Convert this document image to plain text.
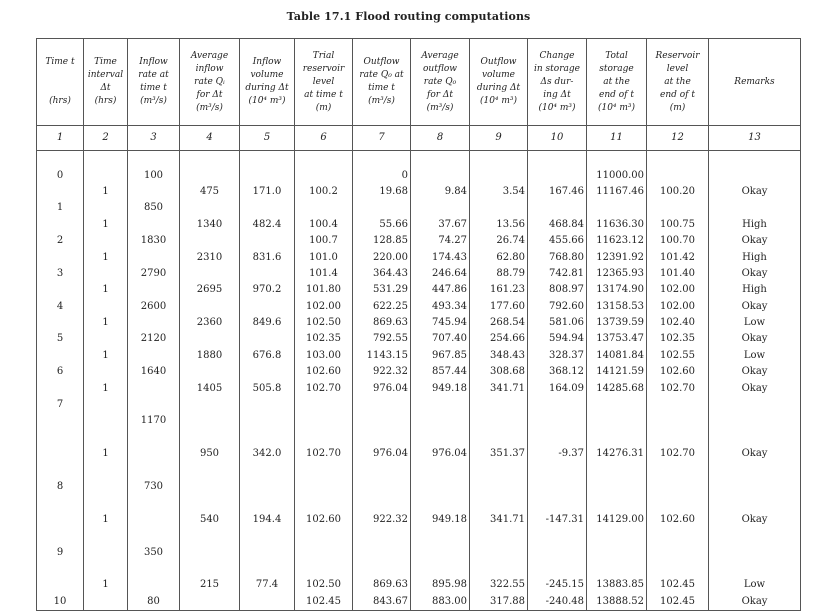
Table 17.1 Flood routing computations
Time t

(hrs)	Time
interval
Δt
(hrs)	Inflow
rate at
time t
(m³/s)	Average
inflow
rate Qᵢ
for Δt
(m³/s)	Inflow
volume
during Δt
(10⁴ m³)	Trial
reservoir
level
at time t
(m)	Outflow
rate Q₀ at
time t
(m³/s)	Average
outflow
rate Q₀
for Δt
(m³/s)	Outflow
volume
during Δt
(10⁴ m³)	Change
in storage
Δs dur-
ing Δt
(10⁴ m³)	Total
storage
at the
end of t
(10⁴ m³)	Reservoir
level
at the
end of t
(m)	Remarks

1	2	3	4	5	6	7	8	9	10	11	12	13

0		100				0				11000.00		
	1		475	171.0	100.2	19.68	9.84	3.54	167.46	11167.46	100.20	Okay
1		850										
	1		1340	482.4	100.4	55.66	37.67	13.56	468.84	11636.30	100.75	High
2		1830			100.7	128.85	74.27	26.74	455.66	11623.12	100.70	Okay
	1		2310	831.6	101.0	220.00	174.43	62.80	768.80	12391.92	101.42	High
3		2790			101.4	364.43	246.64	88.79	742.81	12365.93	101.40	Okay
	1		2695	970.2	101.80	531.29	447.86	161.23	808.97	13174.90	102.00	High
4		2600			102.00	622.25	493.34	177.60	792.60	13158.53	102.00	Okay
	1		2360	849.6	102.50	869.63	745.94	268.54	581.06	13739.59	102.40	Low
5		2120			102.35	792.55	707.40	254.66	594.94	13753.47	102.35	Okay
	1		1880	676.8	103.00	1143.15	967.85	348.43	328.37	14081.84	102.55	Low
6		1640			102.60	922.32	857.44	308.68	368.12	14121.59	102.60	Okay
	1		1405	505.8	102.70	976.04	949.18	341.71	164.09	14285.68	102.70	Okay
7												
		1170										

	1		950	342.0	102.70	976.04	976.04	351.37	-9.37	14276.31	102.70	Okay

8		730										

	1		540	194.4	102.60	922.32	949.18	341.71	-147.31	14129.00	102.60	Okay

9		350										

	1		215	77.4	102.50	869.63	895.98	322.55	-245.15	13883.85	102.45	Low
10		80			102.45	843.67	883.00	317.88	-240.48	13888.52	102.45	Okay
